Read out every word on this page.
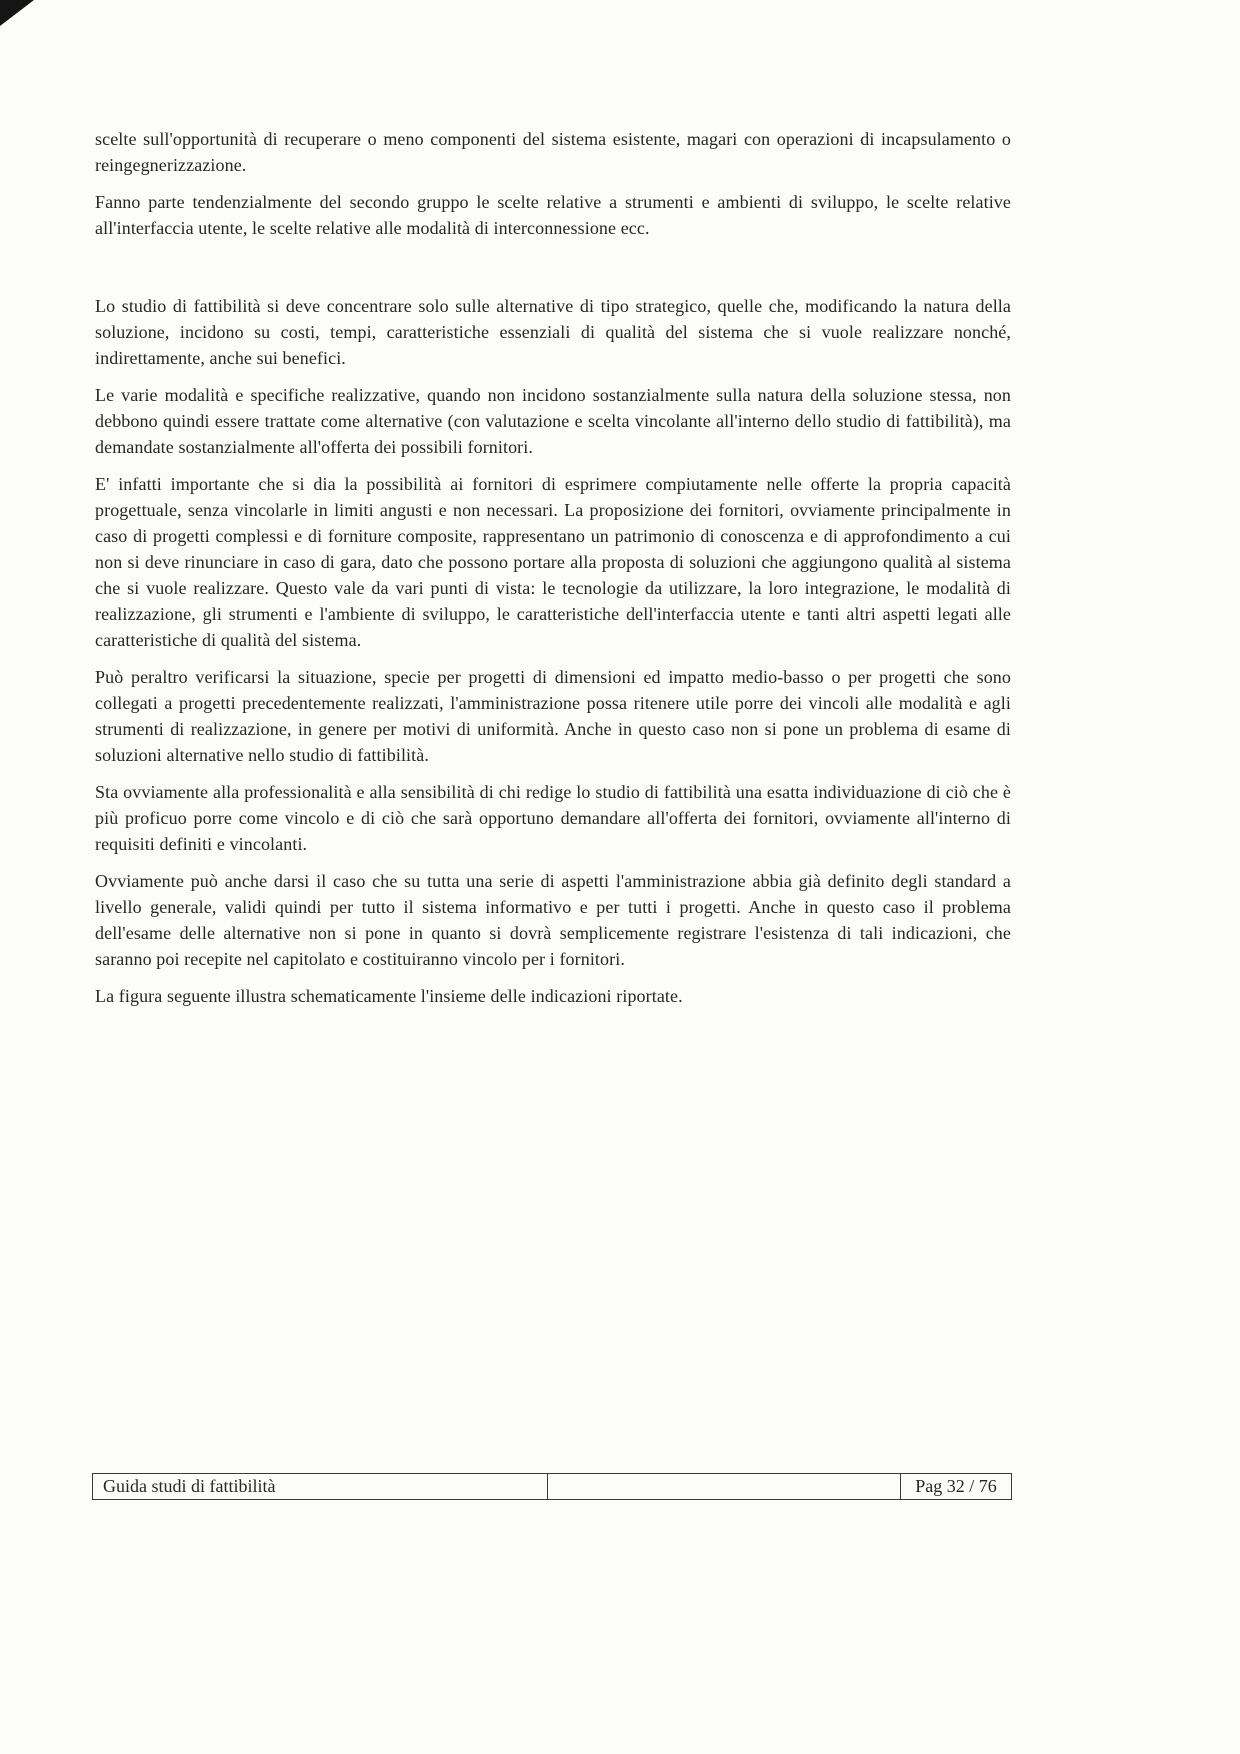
scelte sull'opportunità di recuperare o meno componenti del sistema esistente, magari con operazioni di incapsulamento o reingegnerizzazione.

Fanno parte tendenzialmente del secondo gruppo le scelte relative a strumenti e ambienti di sviluppo, le scelte relative all'interfaccia utente, le scelte relative alle modalità di interconnessione ecc.

Lo studio di fattibilità si deve concentrare solo sulle alternative di tipo strategico, quelle che, modificando la natura della soluzione, incidono su costi, tempi, caratteristiche essenziali di qualità del sistema che si vuole realizzare nonché, indirettamente, anche sui benefici.

Le varie modalità e specifiche realizzative, quando non incidono sostanzialmente sulla natura della soluzione stessa, non debbono quindi essere trattate come alternative (con valutazione e scelta vincolante all'interno dello studio di fattibilità), ma demandate sostanzialmente all'offerta dei possibili fornitori.

E' infatti importante che si dia la possibilità ai fornitori di esprimere compiutamente nelle offerte la propria capacità progettuale, senza vincolarle in limiti angusti e non necessari. La proposizione dei fornitori, ovviamente principalmente in caso di progetti complessi e di forniture composite, rappresentano un patrimonio di conoscenza e di approfondimento a cui non si deve rinunciare in caso di gara, dato che possono portare alla proposta di soluzioni che aggiungono qualità al sistema che si vuole realizzare. Questo vale da vari punti di vista: le tecnologie da utilizzare, la loro integrazione, le modalità di realizzazione, gli strumenti e l'ambiente di sviluppo, le caratteristiche dell'interfaccia utente e tanti altri aspetti legati alle caratteristiche di qualità del sistema.

Può peraltro verificarsi la situazione, specie per progetti di dimensioni ed impatto medio-basso o per progetti che sono collegati a progetti precedentemente realizzati, l'amministrazione possa ritenere utile porre dei vincoli alle modalità e agli strumenti di realizzazione, in genere per motivi di uniformità. Anche in questo caso non si pone un problema di esame di soluzioni alternative nello studio di fattibilità.

Sta ovviamente alla professionalità e alla sensibilità di chi redige lo studio di fattibilità una esatta individuazione di ciò che è più proficuo porre come vincolo e di ciò che sarà opportuno demandare all'offerta dei fornitori, ovviamente all'interno di requisiti definiti e vincolanti.

Ovviamente può anche darsi il caso che su tutta una serie di aspetti l'amministrazione abbia già definito degli standard a livello generale, validi quindi per tutto il sistema informativo e per tutti i progetti. Anche in questo caso il problema dell'esame delle alternative non si pone in quanto si dovrà semplicemente registrare l'esistenza di tali indicazioni, che saranno poi recepite nel capitolato e costituiranno vincolo per i fornitori.

La figura seguente illustra schematicamente l'insieme delle indicazioni riportate.

Guida studi di fattibilità	Pag 32 / 76
